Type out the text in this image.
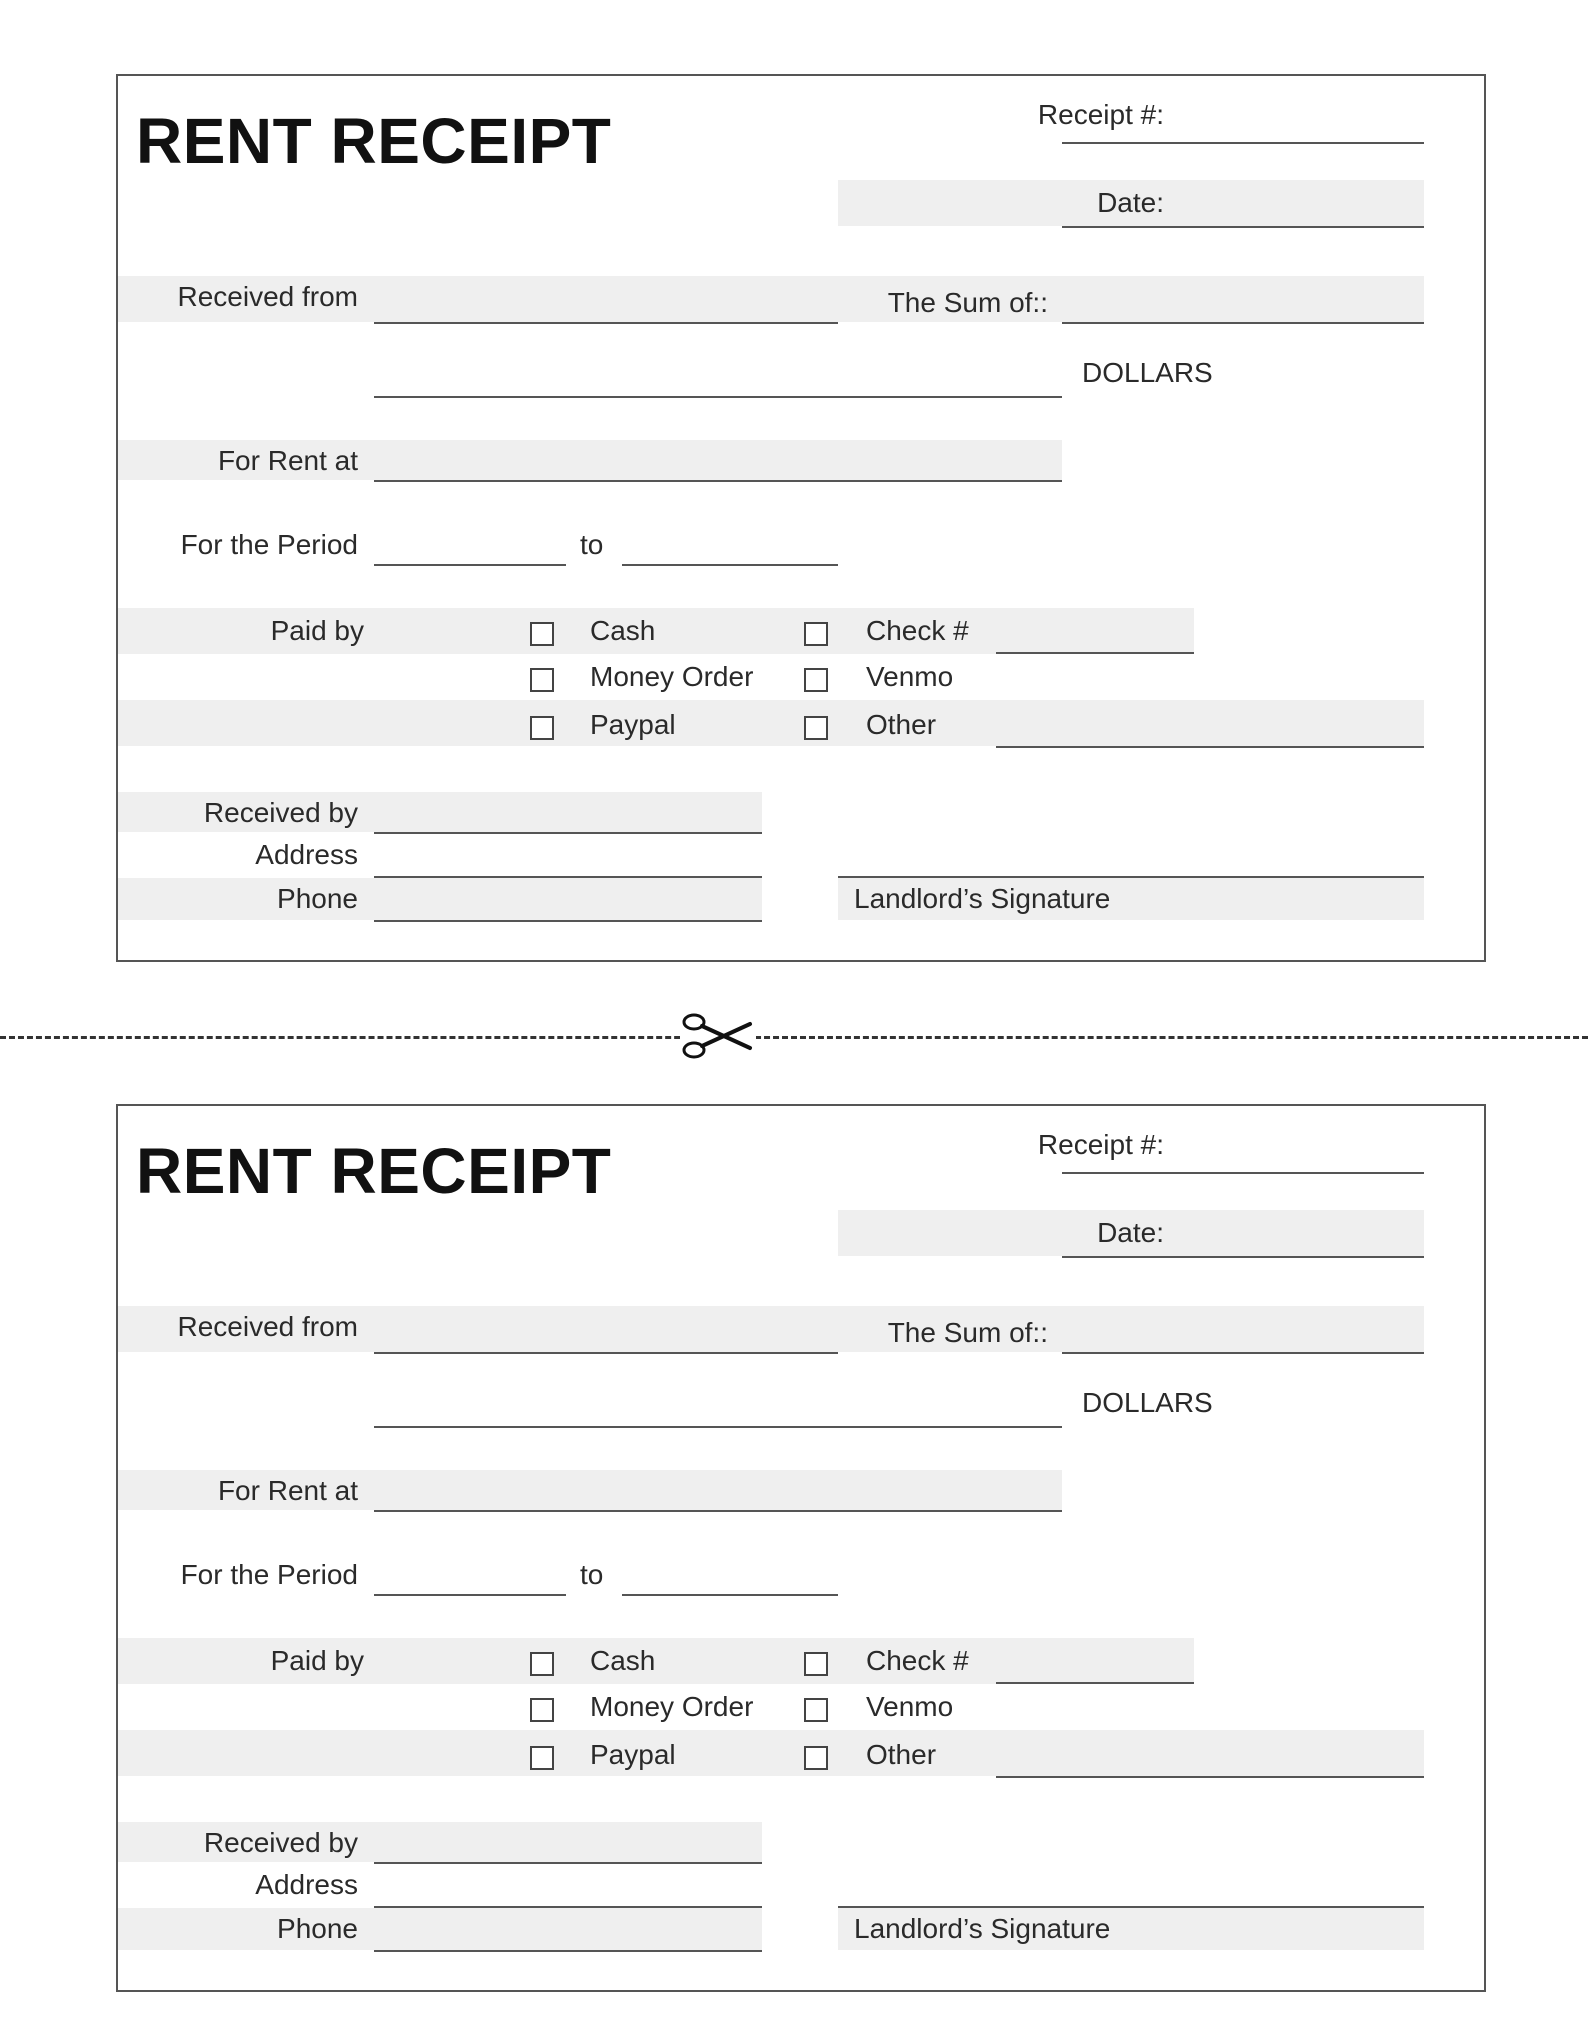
RENT RECEIPT	Receipt #:
Date:
Received from	The Sum of::
DOLLARS
For Rent at
For the Period	to
Paid by	Cash	Check #
Money Order	Venmo
Paypal	Other
Received by
Address
Phone	Landlord’s Signature
RENT RECEIPT	Receipt #:
Date:
Received from	The Sum of::
DOLLARS
For Rent at
For the Period	to
Paid by	Cash	Check #
Money Order	Venmo
Paypal	Other
Received by
Address
Phone	Landlord’s Signature
